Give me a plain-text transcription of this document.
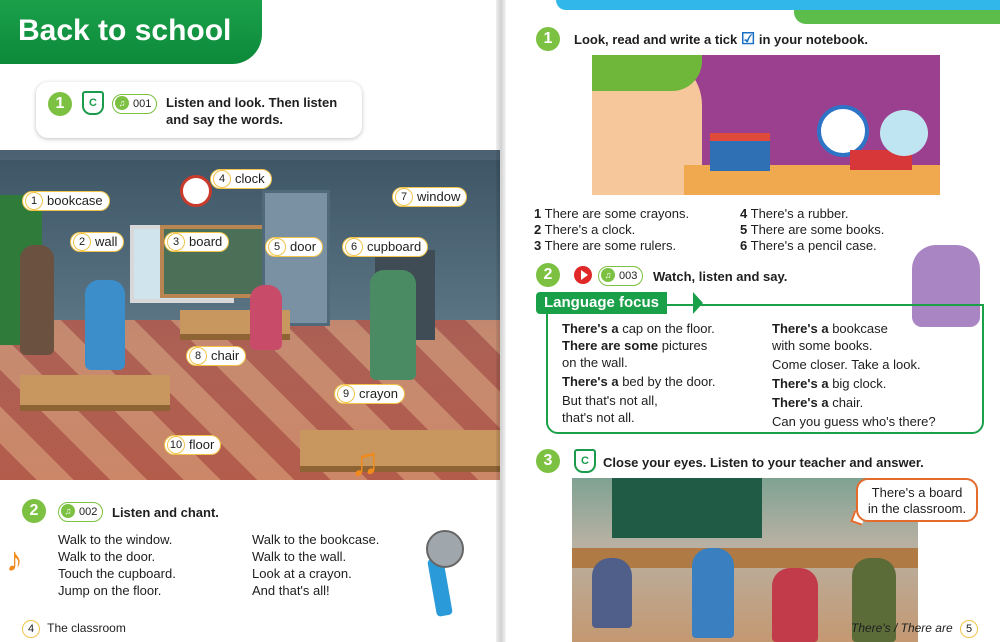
Back to school
1	C	♫ 001	Listen and look. Then listen
and say the words.
1 bookcase
2 wall	3 board
4 clock
5 door	6 cupboard
7 window
8 chair
9 crayon
10 floor	♫
2	♫ 002	Listen and chant.
♪
Walk to the window.
Walk to the door.
Touch the cupboard.
Jump on the floor.
Walk to the bookcase.
Walk to the wall.
Look at a crayon.
And that's all!
4 The classroom
1	Look, read and write a tick ☑ in your notebook.
1 There are some crayons.
2 There's a clock.
3 There are some rulers.
4 There's a rubber.
5 There are some books.
6 There's a pencil case.
2	♫ 003	Watch, listen and say.
There's a cap on the floor.
There are some pictures
on the wall.
There's a bed by the door.
But that's not all,
that's not all.
There's a bookcase
with some books.
Come closer. Take a look.
There's a big clock.
There's a chair.
Can you guess who's there?
Language focus
3	C	Close your eyes. Listen to your teacher and answer.
There's a board
in the classroom.
There's / There are 5
